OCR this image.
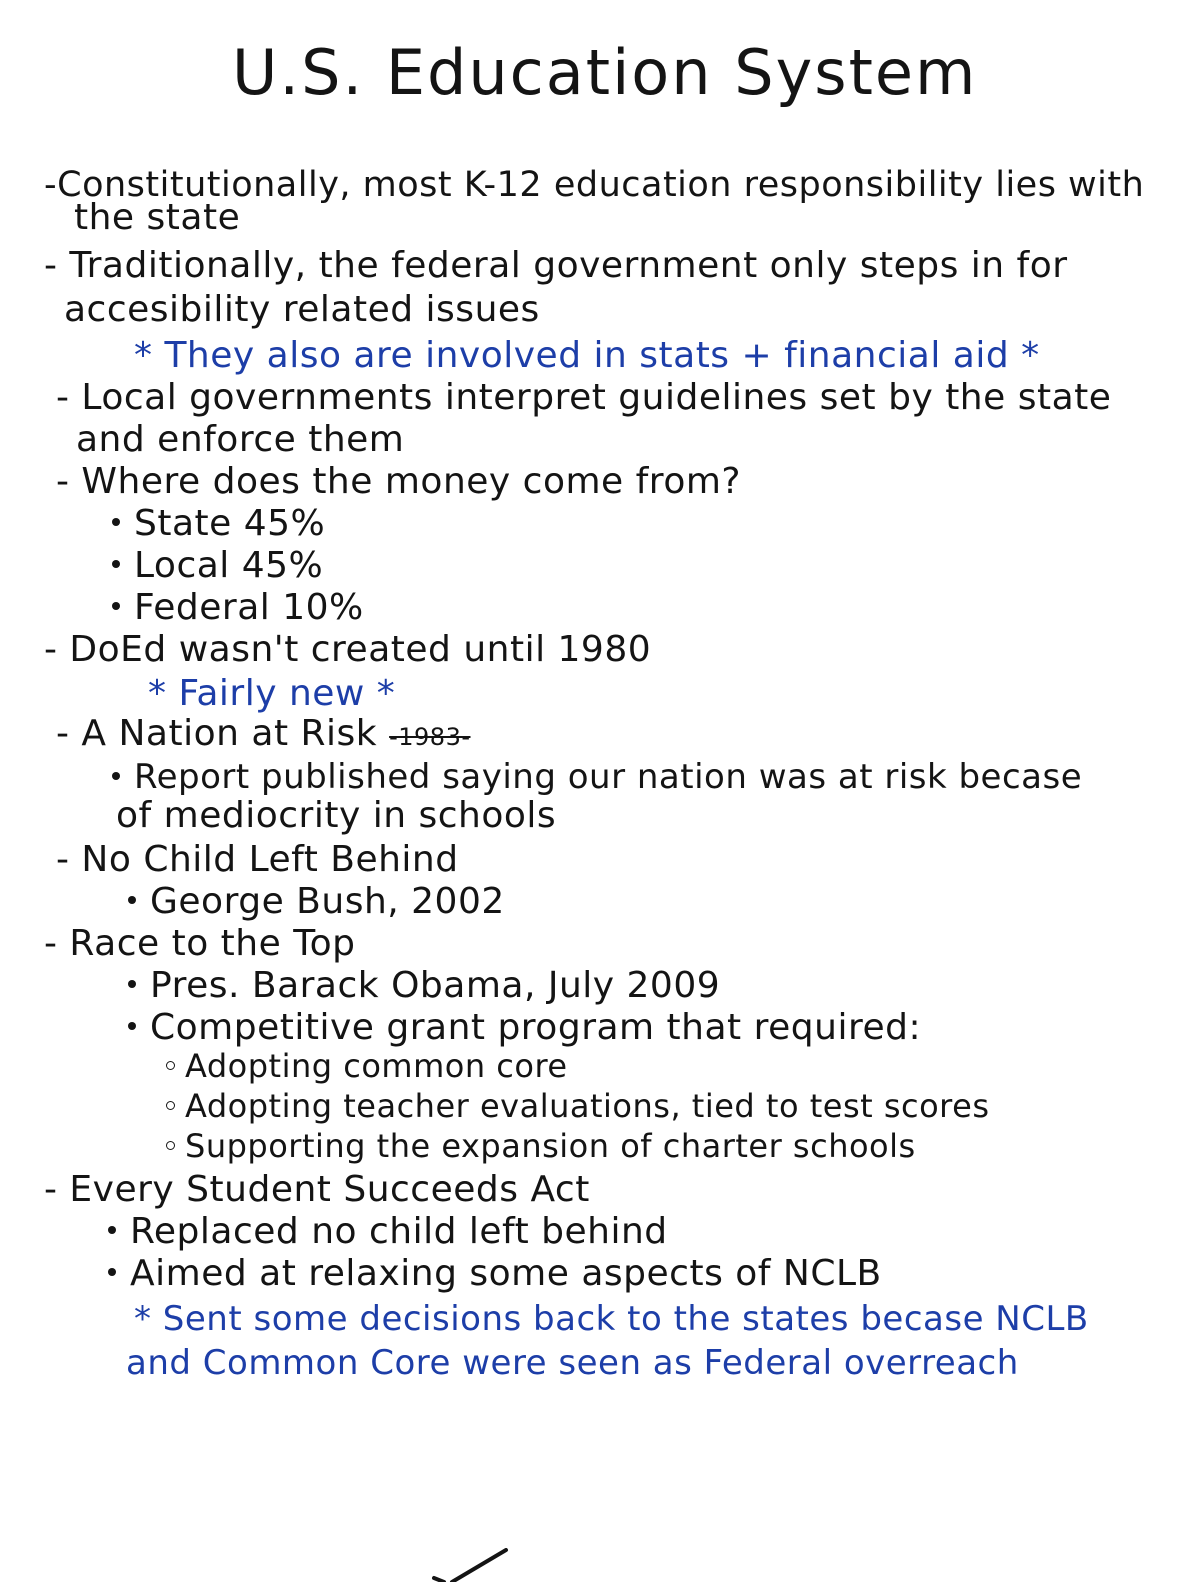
U.S. Education System
-Constitutionally, most K-12 education responsibility lies with
the state
- Traditionally, the federal government only steps in for
accesibility related issues
* They also are involved in stats + financial aid *
- Local governments interpret guidelines set by the state
and enforce them
- Where does the money come from?
State 45%
Local 45%
Federal 10%
- DoEd wasn't created until 1980
* Fairly new *
- A Nation at Risk -1983-
Report published saying our nation was at risk becase
of mediocrity in schools
- No Child Left Behind
George Bush, 2002
- Race to the Top
Pres. Barack Obama, July 2009
Competitive grant program that required:
Adopting common core
Adopting teacher evaluations, tied to test scores
Supporting the expansion of charter schools
- Every Student Succeeds Act
Replaced no child left behind
Aimed at relaxing some aspects of NCLB
* Sent some decisions back to the states becase NCLB
and Common Core were seen as Federal overreach
